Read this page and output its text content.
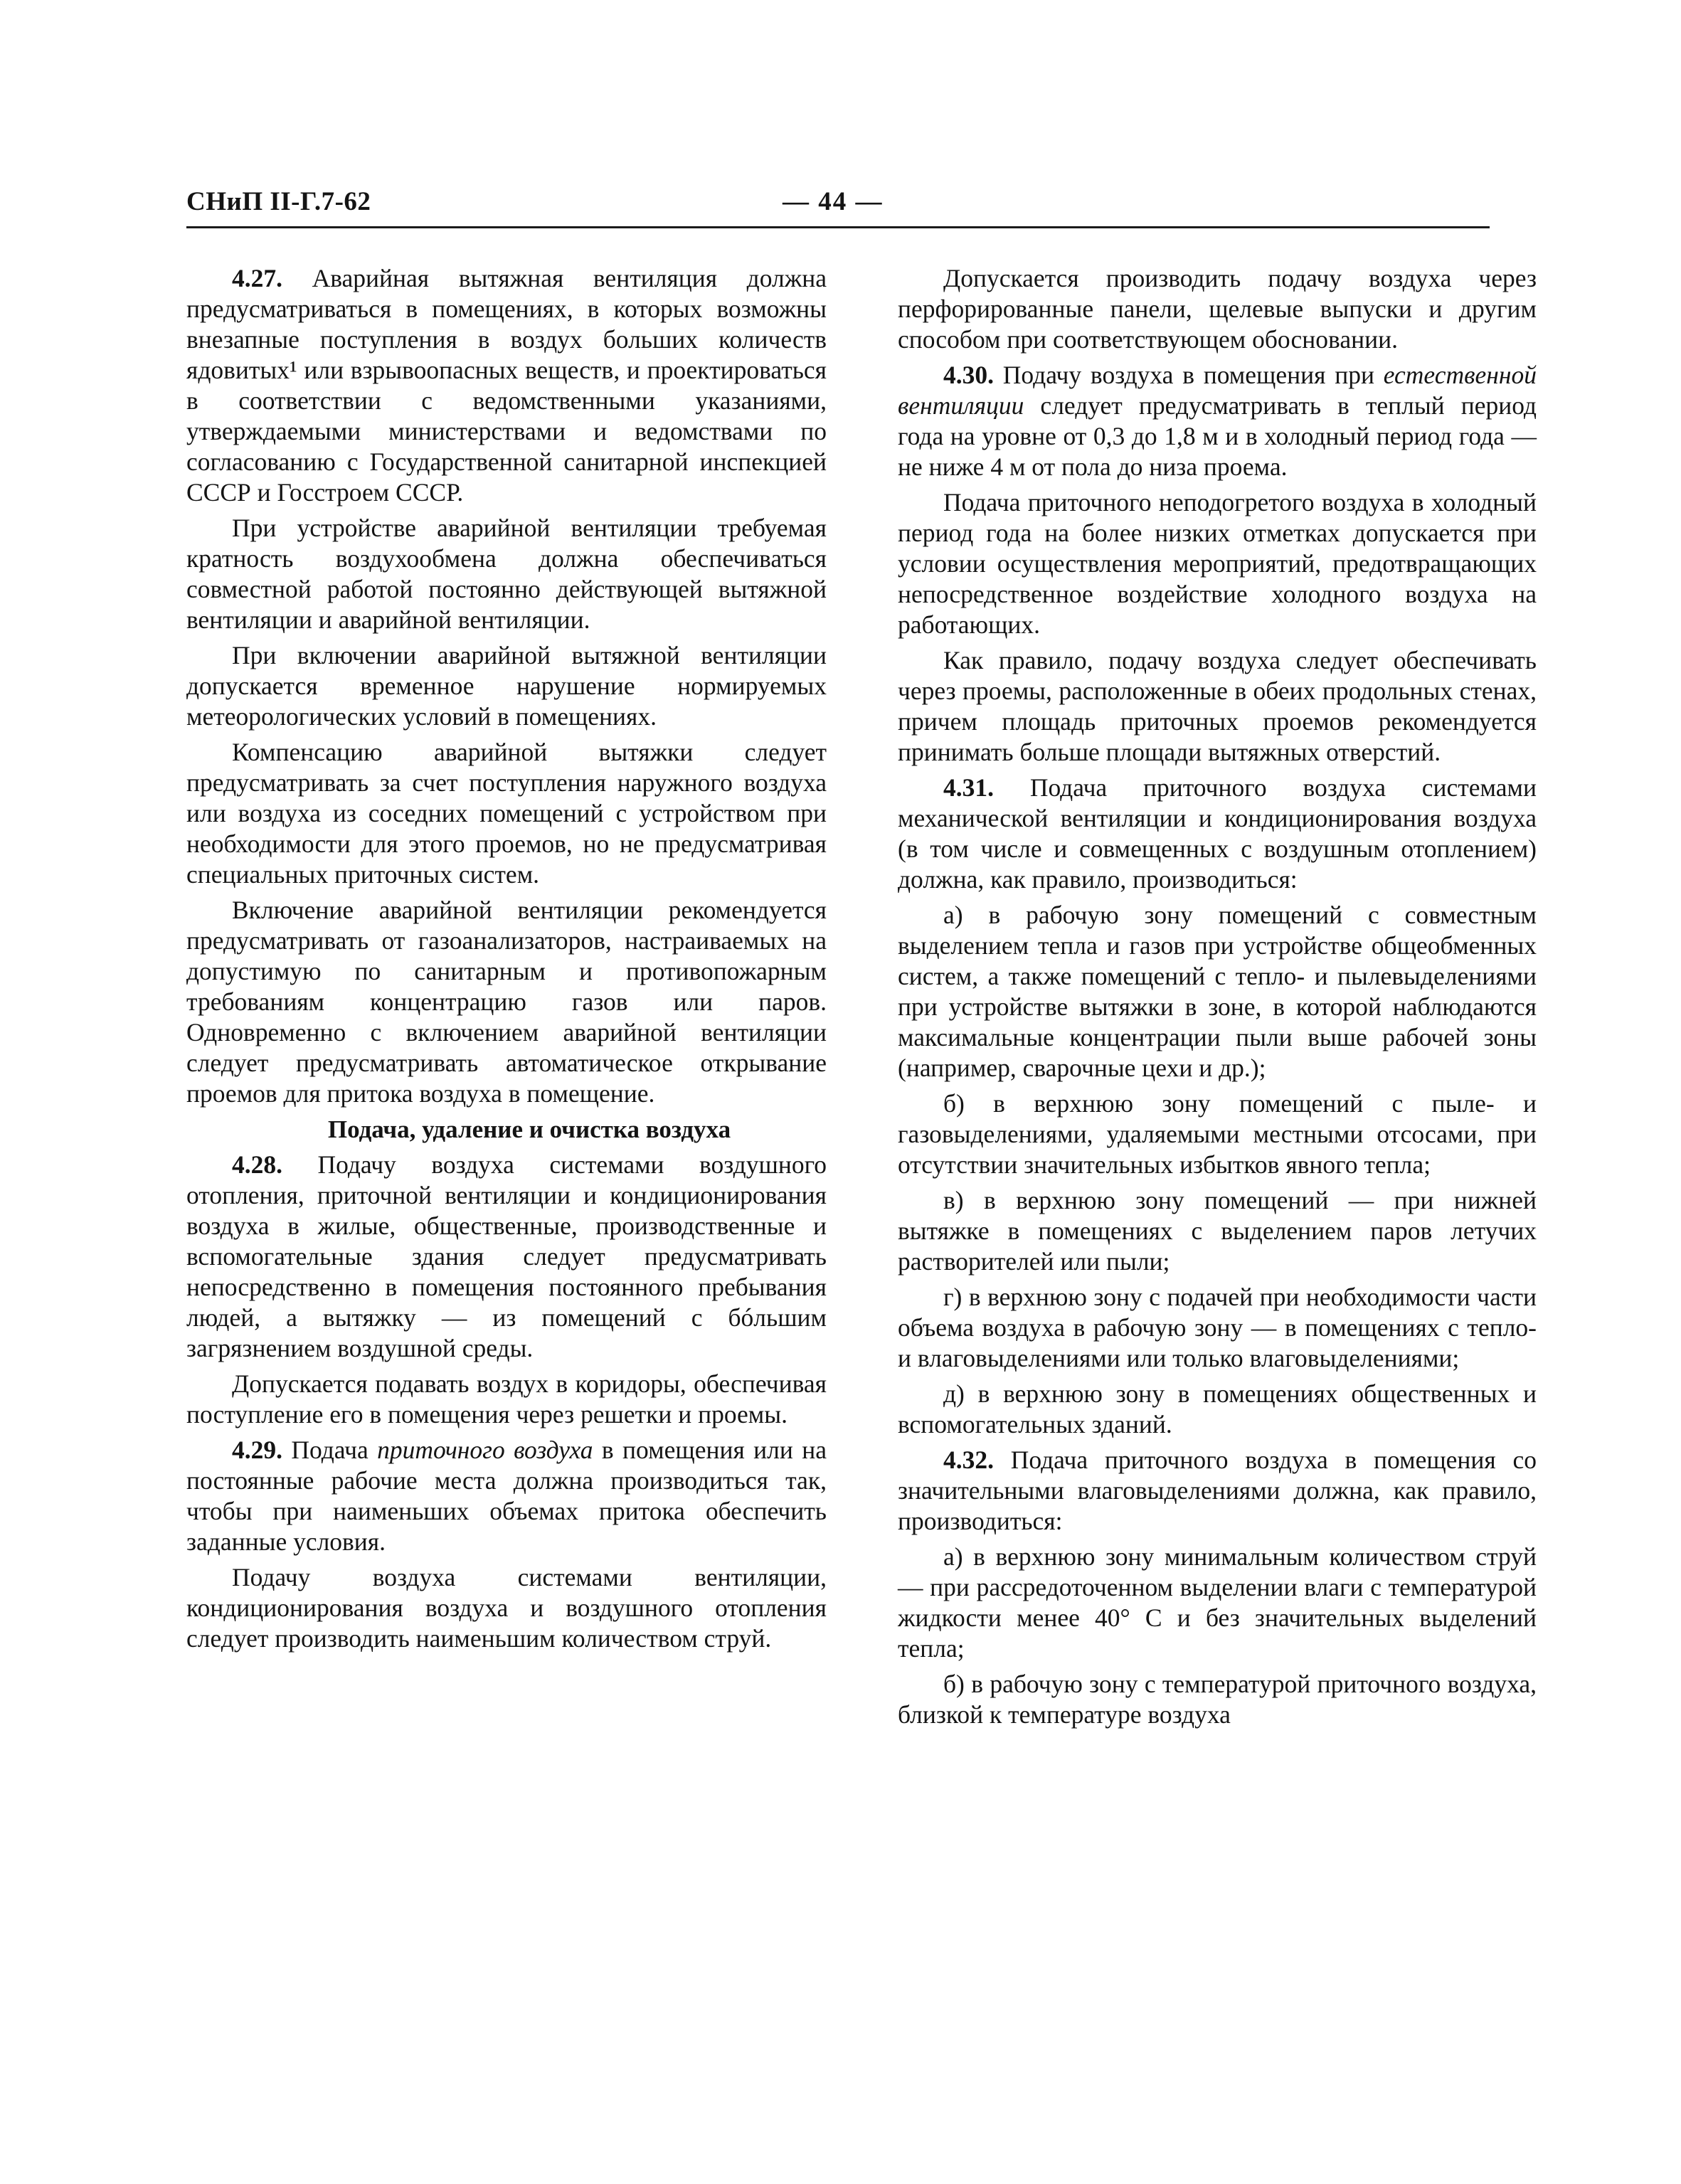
СНиП II-Г.7-62	— 44 —

4.27. Аварийная вытяжная вентиляция должна предусматриваться в помещениях, в которых возможны внезапные поступления в воздух больших количеств ядовитых¹ или взрывоопасных веществ, и проектироваться в соответствии с ведомственными указаниями, утверждаемыми министерствами и ведомствами по согласованию с Государственной санитарной инспекцией СССР и Госстроем СССР.

При устройстве аварийной вентиляции требуемая кратность воздухообмена должна обеспечиваться совместной работой постоянно действующей вытяжной вентиляции и аварийной вентиляции.

При включении аварийной вытяжной вентиляции допускается временное нарушение нормируемых метеорологических условий в помещениях.

Компенсацию аварийной вытяжки следует предусматривать за счет поступления наружного воздуха или воздуха из соседних помещений с устройством при необходимости для этого проемов, но не предусматривая специальных приточных систем.

Включение аварийной вентиляции рекомендуется предусматривать от газоанализаторов, настраиваемых на допустимую по санитарным и противопожарным требованиям концентрацию газов или паров. Одновременно с включением аварийной вентиляции следует предусматривать автоматическое открывание проемов для притока воздуха в помещение.

Подача, удаление и очистка воздуха

4.28. Подачу воздуха системами воздушного отопления, приточной вентиляции и кондиционирования воздуха в жилые, общественные, производственные и вспомогательные здания следует предусматривать непосредственно в помещения постоянного пребывания людей, а вытяжку — из помещений с бóльшим загрязнением воздушной среды.

Допускается подавать воздух в коридоры, обеспечивая поступление его в помещения через решетки и проемы.

4.29. Подача приточного воздуха в помещения или на постоянные рабочие места должна производиться так, чтобы при наименьших объемах притока обеспечить заданные условия.

Подачу воздуха системами вентиляции, кондиционирования воздуха и воздушного отопления следует производить наименьшим количеством струй.

Допускается производить подачу воздуха через перфорированные панели, щелевые выпуски и другим способом при соответствующем обосновании.

4.30. Подачу воздуха в помещения при естественной вентиляции следует предусматривать в теплый период года на уровне от 0,3 до 1,8 м и в холодный период года — не ниже 4 м от пола до низа проема.

Подача приточного неподогретого воздуха в холодный период года на более низких отметках допускается при условии осуществления мероприятий, предотвращающих непосредственное воздействие холодного воздуха на работающих.

Как правило, подачу воздуха следует обеспечивать через проемы, расположенные в обеих продольных стенах, причем площадь приточных проемов рекомендуется принимать больше площади вытяжных отверстий.

4.31. Подача приточного воздуха системами механической вентиляции и кондиционирования воздуха (в том числе и совмещенных с воздушным отоплением) должна, как правило, производиться:

а) в рабочую зону помещений с совместным выделением тепла и газов при устройстве общеобменных систем, а также помещений с тепло- и пылевыделениями при устройстве вытяжки в зоне, в которой наблюдаются максимальные концентрации пыли выше рабочей зоны (например, сварочные цехи и др.);

б) в верхнюю зону помещений с пыле- и газовыделениями, удаляемыми местными отсосами, при отсутствии значительных избытков явного тепла;

в) в верхнюю зону помещений — при нижней вытяжке в помещениях с выделением паров летучих растворителей или пыли;

г) в верхнюю зону с подачей при необходимости части объема воздуха в рабочую зону — в помещениях с тепло- и влаговыделениями или только влаговыделениями;

д) в верхнюю зону в помещениях общественных и вспомогательных зданий.

4.32. Подача приточного воздуха в помещения со значительными влаговыделениями должна, как правило, производиться:

а) в верхнюю зону минимальным количеством струй — при рассредоточенном выделении влаги с температурой жидкости менее 40° С и без значительных выделений тепла;

б) в рабочую зону с температурой приточного воздуха, близкой к температуре воздуха
